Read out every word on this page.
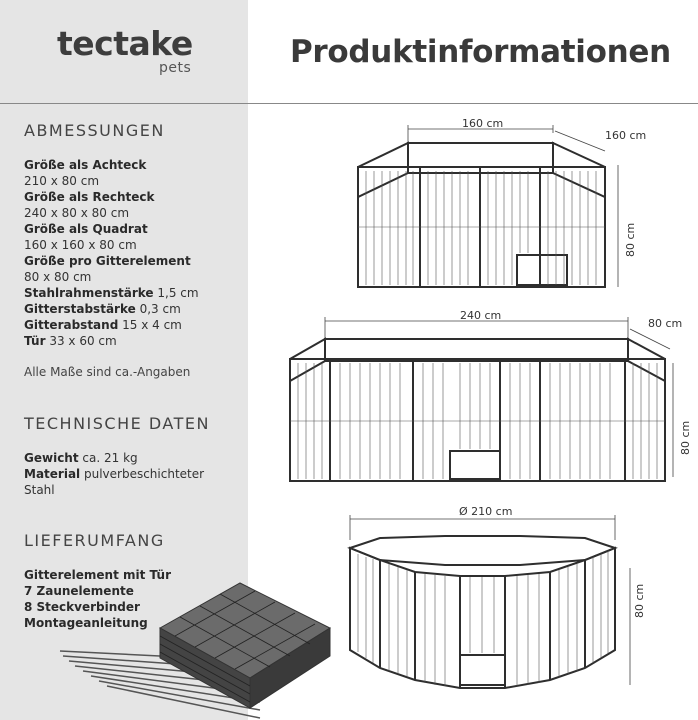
tectake
pets	Produktinformationen
ABMESSUNGEN
Größe als Achteck
210 x 80 cm
Größe als Rechteck
240 x 80 x 80 cm
Größe als Quadrat
160 x 160 x 80 cm
Größe pro Gitterelement
80 x 80 cm
Stahlrahmenstärke 1,5 cm
Gitterstabstärke 0,3 cm
Gitterabstand 15 x 4 cm
Tür 33 x 60 cm
Alle Maße sind ca.-Angaben
TECHNISCHE DATEN
Gewicht ca. 21 kg
Material pulverbeschichteter
Stahl
LIEFERUMFANG
Gitterelement mit Tür
7 Zaunelemente
8 Steckverbinder
Montageanleitung
160 cm
160 cm
80 cm
240 cm
80 cm
80 cm
Ø 210 cm
80 cm
